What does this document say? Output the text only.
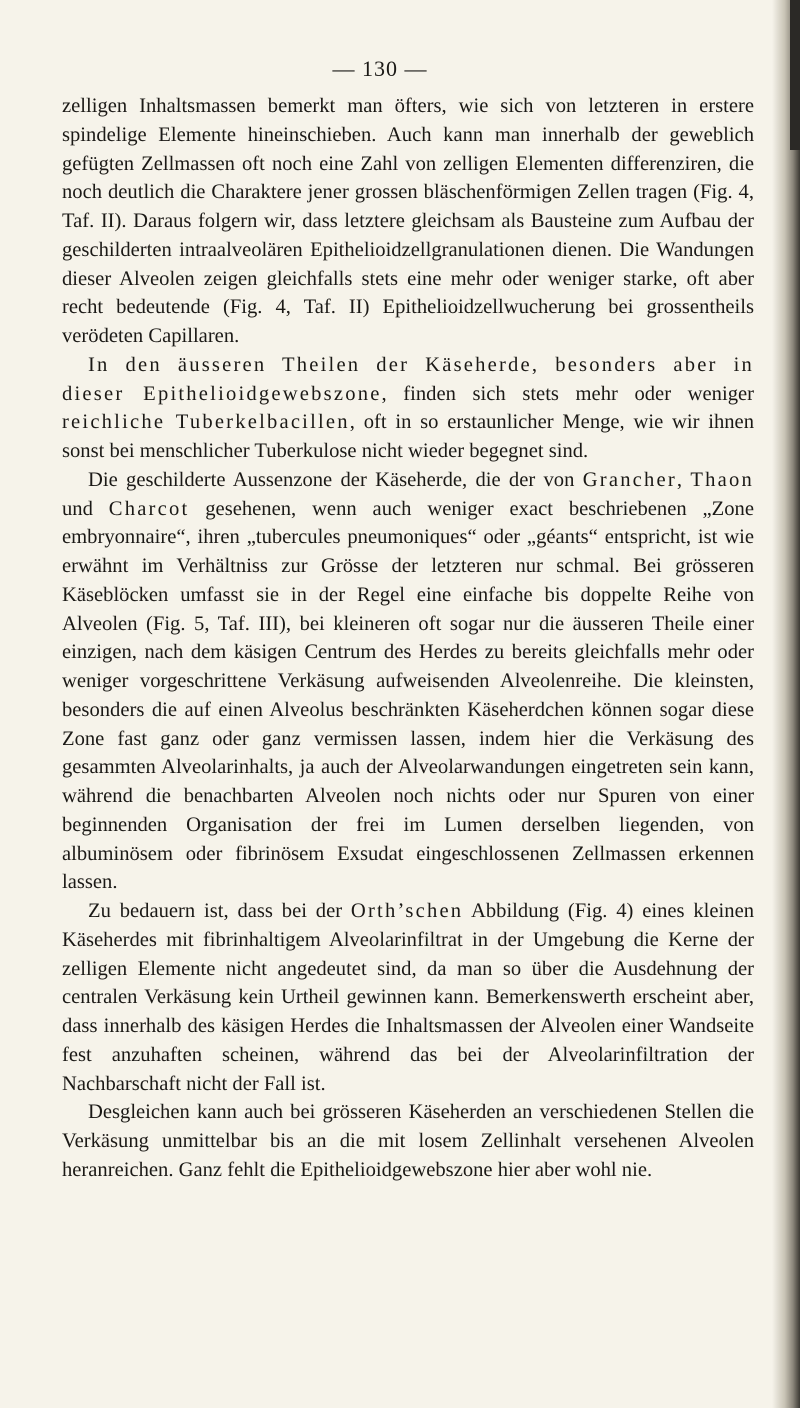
— 130 —

zelligen Inhaltsmassen bemerkt man öfters, wie sich von letzteren in erstere spindelige Elemente hineinschieben. Auch kann man innerhalb der geweblich gefügten Zellmassen oft noch eine Zahl von zelligen Elementen differenziren, die noch deutlich die Charaktere jener grossen bläschenförmigen Zellen tragen (Fig. 4, Taf. II). Daraus folgern wir, dass letztere gleichsam als Bausteine zum Aufbau der geschilderten intraalveolären Epithelioidzellgranulationen dienen. Die Wandungen dieser Alveolen zeigen gleichfalls stets eine mehr oder weniger starke, oft aber recht bedeutende (Fig. 4, Taf. II) Epithelioidzellwucherung bei grossentheils verödeten Capillaren.

In den äusseren Theilen der Käseherde, besonders aber in dieser Epithelioidgewebszone, finden sich stets mehr oder weniger reichliche Tuberkelbacillen, oft in so erstaunlicher Menge, wie wir ihnen sonst bei menschlicher Tuberkulose nicht wieder begegnet sind.

Die geschilderte Aussenzone der Käseherde, die der von Grancher, Thaon und Charcot gesehenen, wenn auch weniger exact beschriebenen „Zone embryonnaire“, ihren „tubercules pneumoniques“ oder „géants“ entspricht, ist wie erwähnt im Verhältniss zur Grösse der letzteren nur schmal. Bei grösseren Käseblöcken umfasst sie in der Regel eine einfache bis doppelte Reihe von Alveolen (Fig. 5, Taf. III), bei kleineren oft sogar nur die äusseren Theile einer einzigen, nach dem käsigen Centrum des Herdes zu bereits gleichfalls mehr oder weniger vorgeschrittene Verkäsung aufweisenden Alveolenreihe. Die kleinsten, besonders die auf einen Alveolus beschränkten Käseherdchen können sogar diese Zone fast ganz oder ganz vermissen lassen, indem hier die Verkäsung des gesammten Alveolarinhalts, ja auch der Alveolarwandungen eingetreten sein kann, während die benachbarten Alveolen noch nichts oder nur Spuren von einer beginnenden Organisation der frei im Lumen derselben liegenden, von albuminösem oder fibrinösem Exsudat eingeschlossenen Zellmassen erkennen lassen.

Zu bedauern ist, dass bei der Orth’schen Abbildung (Fig. 4) eines kleinen Käseherdes mit fibrinhaltigem Alveolarinfiltrat in der Umgebung die Kerne der zelligen Elemente nicht angedeutet sind, da man so über die Ausdehnung der centralen Verkäsung kein Urtheil gewinnen kann. Bemerkenswerth erscheint aber, dass innerhalb des käsigen Herdes die Inhaltsmassen der Alveolen einer Wandseite fest anzuhaften scheinen, während das bei der Alveolarinfiltration der Nachbarschaft nicht der Fall ist.

Desgleichen kann auch bei grösseren Käseherden an verschiedenen Stellen die Verkäsung unmittelbar bis an die mit losem Zellinhalt versehenen Alveolen heranreichen. Ganz fehlt die Epithelioidgewebszone hier aber wohl nie.
